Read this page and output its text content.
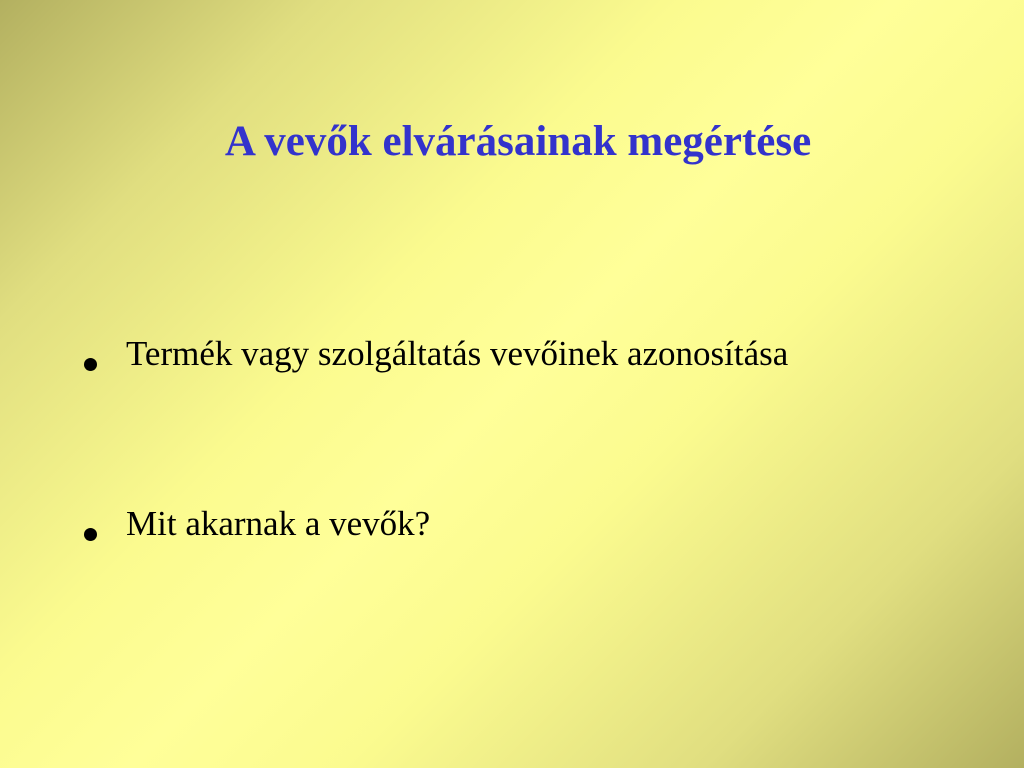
A vevők elvárásainak megértése
Termék vagy szolgáltatás vevőinek azonosítása
Mit akarnak a vevők?
